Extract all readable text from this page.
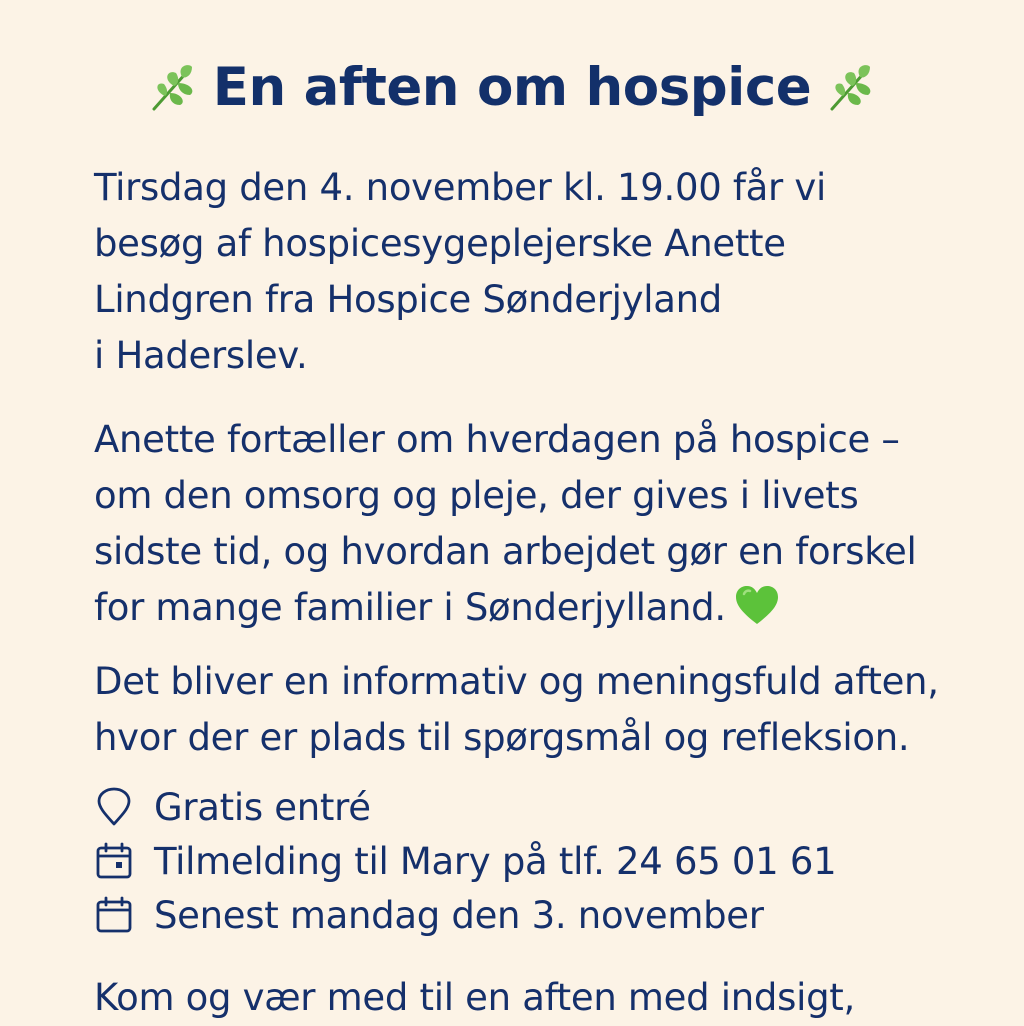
En aften om hospice

Tirsdag den 4. november kl. 19.00 får vi
besøg af hospicesygeplejerske Anette
Lindgren fra Hospice Sønderjyland
i Haderslev.

Anette fortæller om hverdagen på hospice –
om den omsorg og pleje, der gives i livets
sidste tid, og hvordan arbejdet gør en forskel
for mange familier i Sønderjylland.

Det bliver en informativ og meningsfuld aften,
hvor der er plads til spørgsmål og refleksion.

Gratis entré
Tilmelding til Mary på tlf. 24 65 01 61
Senest mandag den 3. november

Kom og vær med til en aften med indsigt,
